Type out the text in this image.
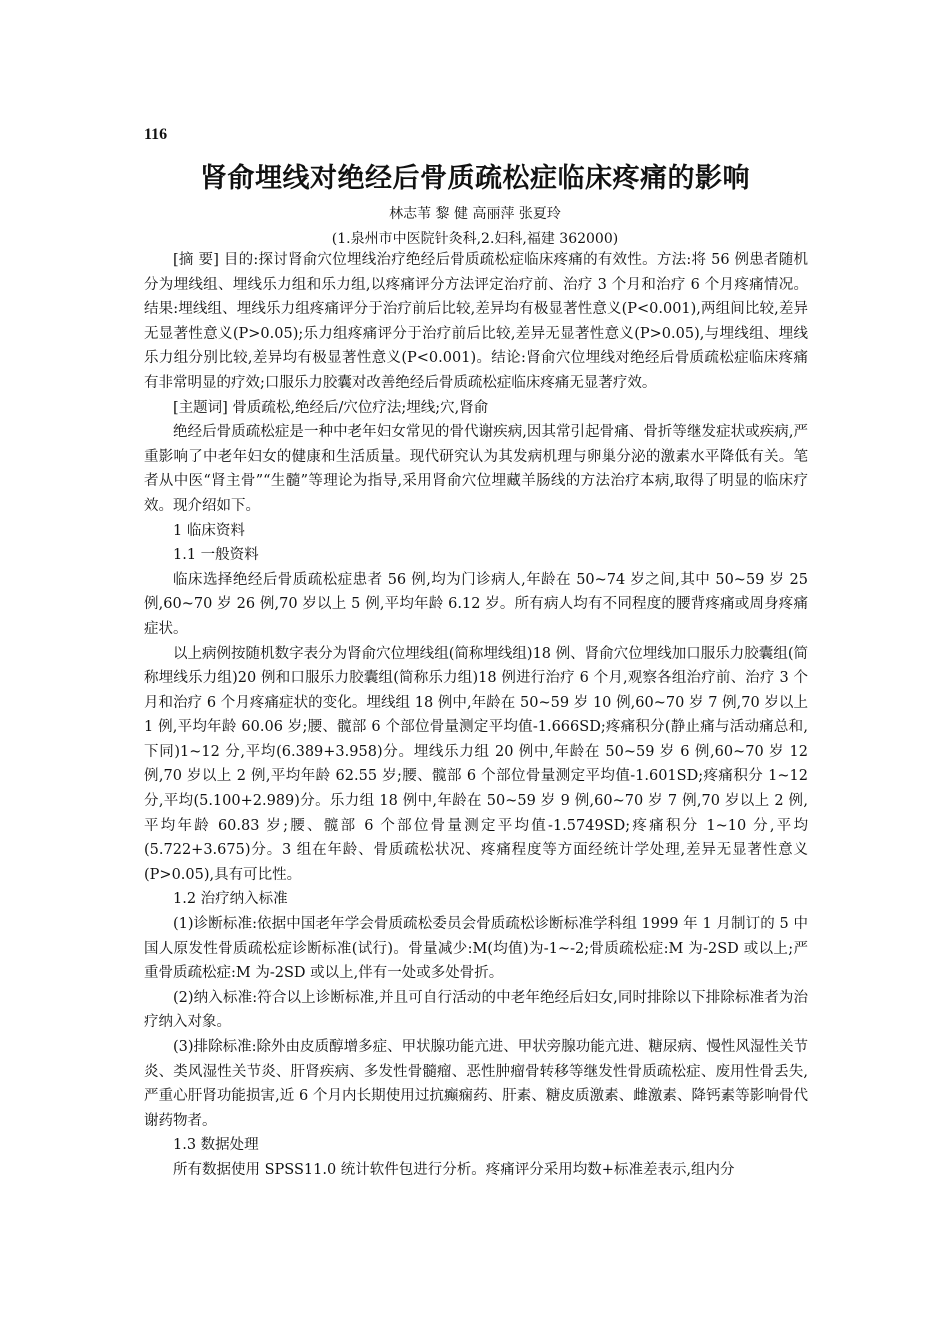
116
肾俞埋线对绝经后骨质疏松症临床疼痛的影响
林志苇 黎 健 高丽萍 张夏玲
(1.泉州市中医院针灸科,2.妇科,福建 362000)

[摘 要] 目的:探讨肾俞穴位埋线治疗绝经后骨质疏松症临床疼痛的有效性。方法:将 56 例患者随机分为埋线组、埋线乐力组和乐力组,以疼痛评分方法评定治疗前、治疗 3 个月和治疗 6 个月疼痛情况。结果:埋线组、埋线乐力组疼痛评分于治疗前后比较,差异均有极显著性意义(P<0.001),两组间比较,差异无显著性意义(P>0.05);乐力组疼痛评分于治疗前后比较,差异无显著性意义(P>0.05),与埋线组、埋线乐力组分别比较,差异均有极显著性意义(P<0.001)。结论:肾俞穴位埋线对绝经后骨质疏松症临床疼痛有非常明显的疗效;口服乐力胶囊对改善绝经后骨质疏松症临床疼痛无显著疗效。

[主题词] 骨质疏松,绝经后/穴位疗法;埋线;穴,肾俞

绝经后骨质疏松症是一种中老年妇女常见的骨代谢疾病,因其常引起骨痛、骨折等继发症状或疾病,严重影响了中老年妇女的健康和生活质量。现代研究认为其发病机理与卵巢分泌的激素水平降低有关。笔者从中医“肾主骨”“生髓”等理论为指导,采用肾俞穴位埋藏羊肠线的方法治疗本病,取得了明显的临床疗效。现介绍如下。

1 临床资料

1.1 一般资料

临床选择绝经后骨质疏松症患者 56 例,均为门诊病人,年龄在 50~74 岁之间,其中 50~59 岁 25 例,60~70 岁 26 例,70 岁以上 5 例,平均年龄 6.12 岁。所有病人均有不同程度的腰背疼痛或周身疼痛症状。

以上病例按随机数字表分为肾俞穴位埋线组(简称埋线组)18 例、肾俞穴位埋线加口服乐力胶囊组(简称埋线乐力组)20 例和口服乐力胶囊组(简称乐力组)18 例进行治疗 6 个月,观察各组治疗前、治疗 3 个月和治疗 6 个月疼痛症状的变化。埋线组 18 例中,年龄在 50~59 岁 10 例,60~70 岁 7 例,70 岁以上 1 例,平均年龄 60.06 岁;腰、髋部 6 个部位骨量测定平均值-1.666SD;疼痛积分(静止痛与活动痛总和,下同)1~12 分,平均(6.389+3.958)分。埋线乐力组 20 例中,年龄在 50~59 岁 6 例,60~70 岁 12 例,70 岁以上 2 例,平均年龄 62.55 岁;腰、髋部 6 个部位骨量测定平均值-1.601SD;疼痛积分 1~12 分,平均(5.100+2.989)分。乐力组 18 例中,年龄在 50~59 岁 9 例,60~70 岁 7 例,70 岁以上 2 例,平均年龄 60.83 岁;腰、髋部 6 个部位骨量测定平均值-1.5749SD;疼痛积分 1~10 分,平均(5.722+3.675)分。3 组在年龄、骨质疏松状况、疼痛程度等方面经统计学处理,差异无显著性意义(P>0.05),具有可比性。

1.2 治疗纳入标准

(1)诊断标准:依据中国老年学会骨质疏松委员会骨质疏松诊断标准学科组 1999 年 1 月制订的 5 中国人原发性骨质疏松症诊断标准(试行)。骨量减少:M(均值)为-1~-2;骨质疏松症:M 为-2SD 或以上;严重骨质疏松症:M 为-2SD 或以上,伴有一处或多处骨折。

(2)纳入标准:符合以上诊断标准,并且可自行活动的中老年绝经后妇女,同时排除以下排除标准者为治疗纳入对象。

(3)排除标准:除外由皮质醇增多症、甲状腺功能亢进、甲状旁腺功能亢进、糖尿病、慢性风湿性关节炎、类风湿性关节炎、肝肾疾病、多发性骨髓瘤、恶性肿瘤骨转移等继发性骨质疏松症、废用性骨丢失,严重心肝肾功能损害,近 6 个月内长期使用过抗癫痫药、肝素、糖皮质激素、雌激素、降钙素等影响骨代谢药物者。

1.3 数据处理

所有数据使用 SPSS11.0 统计软件包进行分析。疼痛评分采用均数+标准差表示,组内分
